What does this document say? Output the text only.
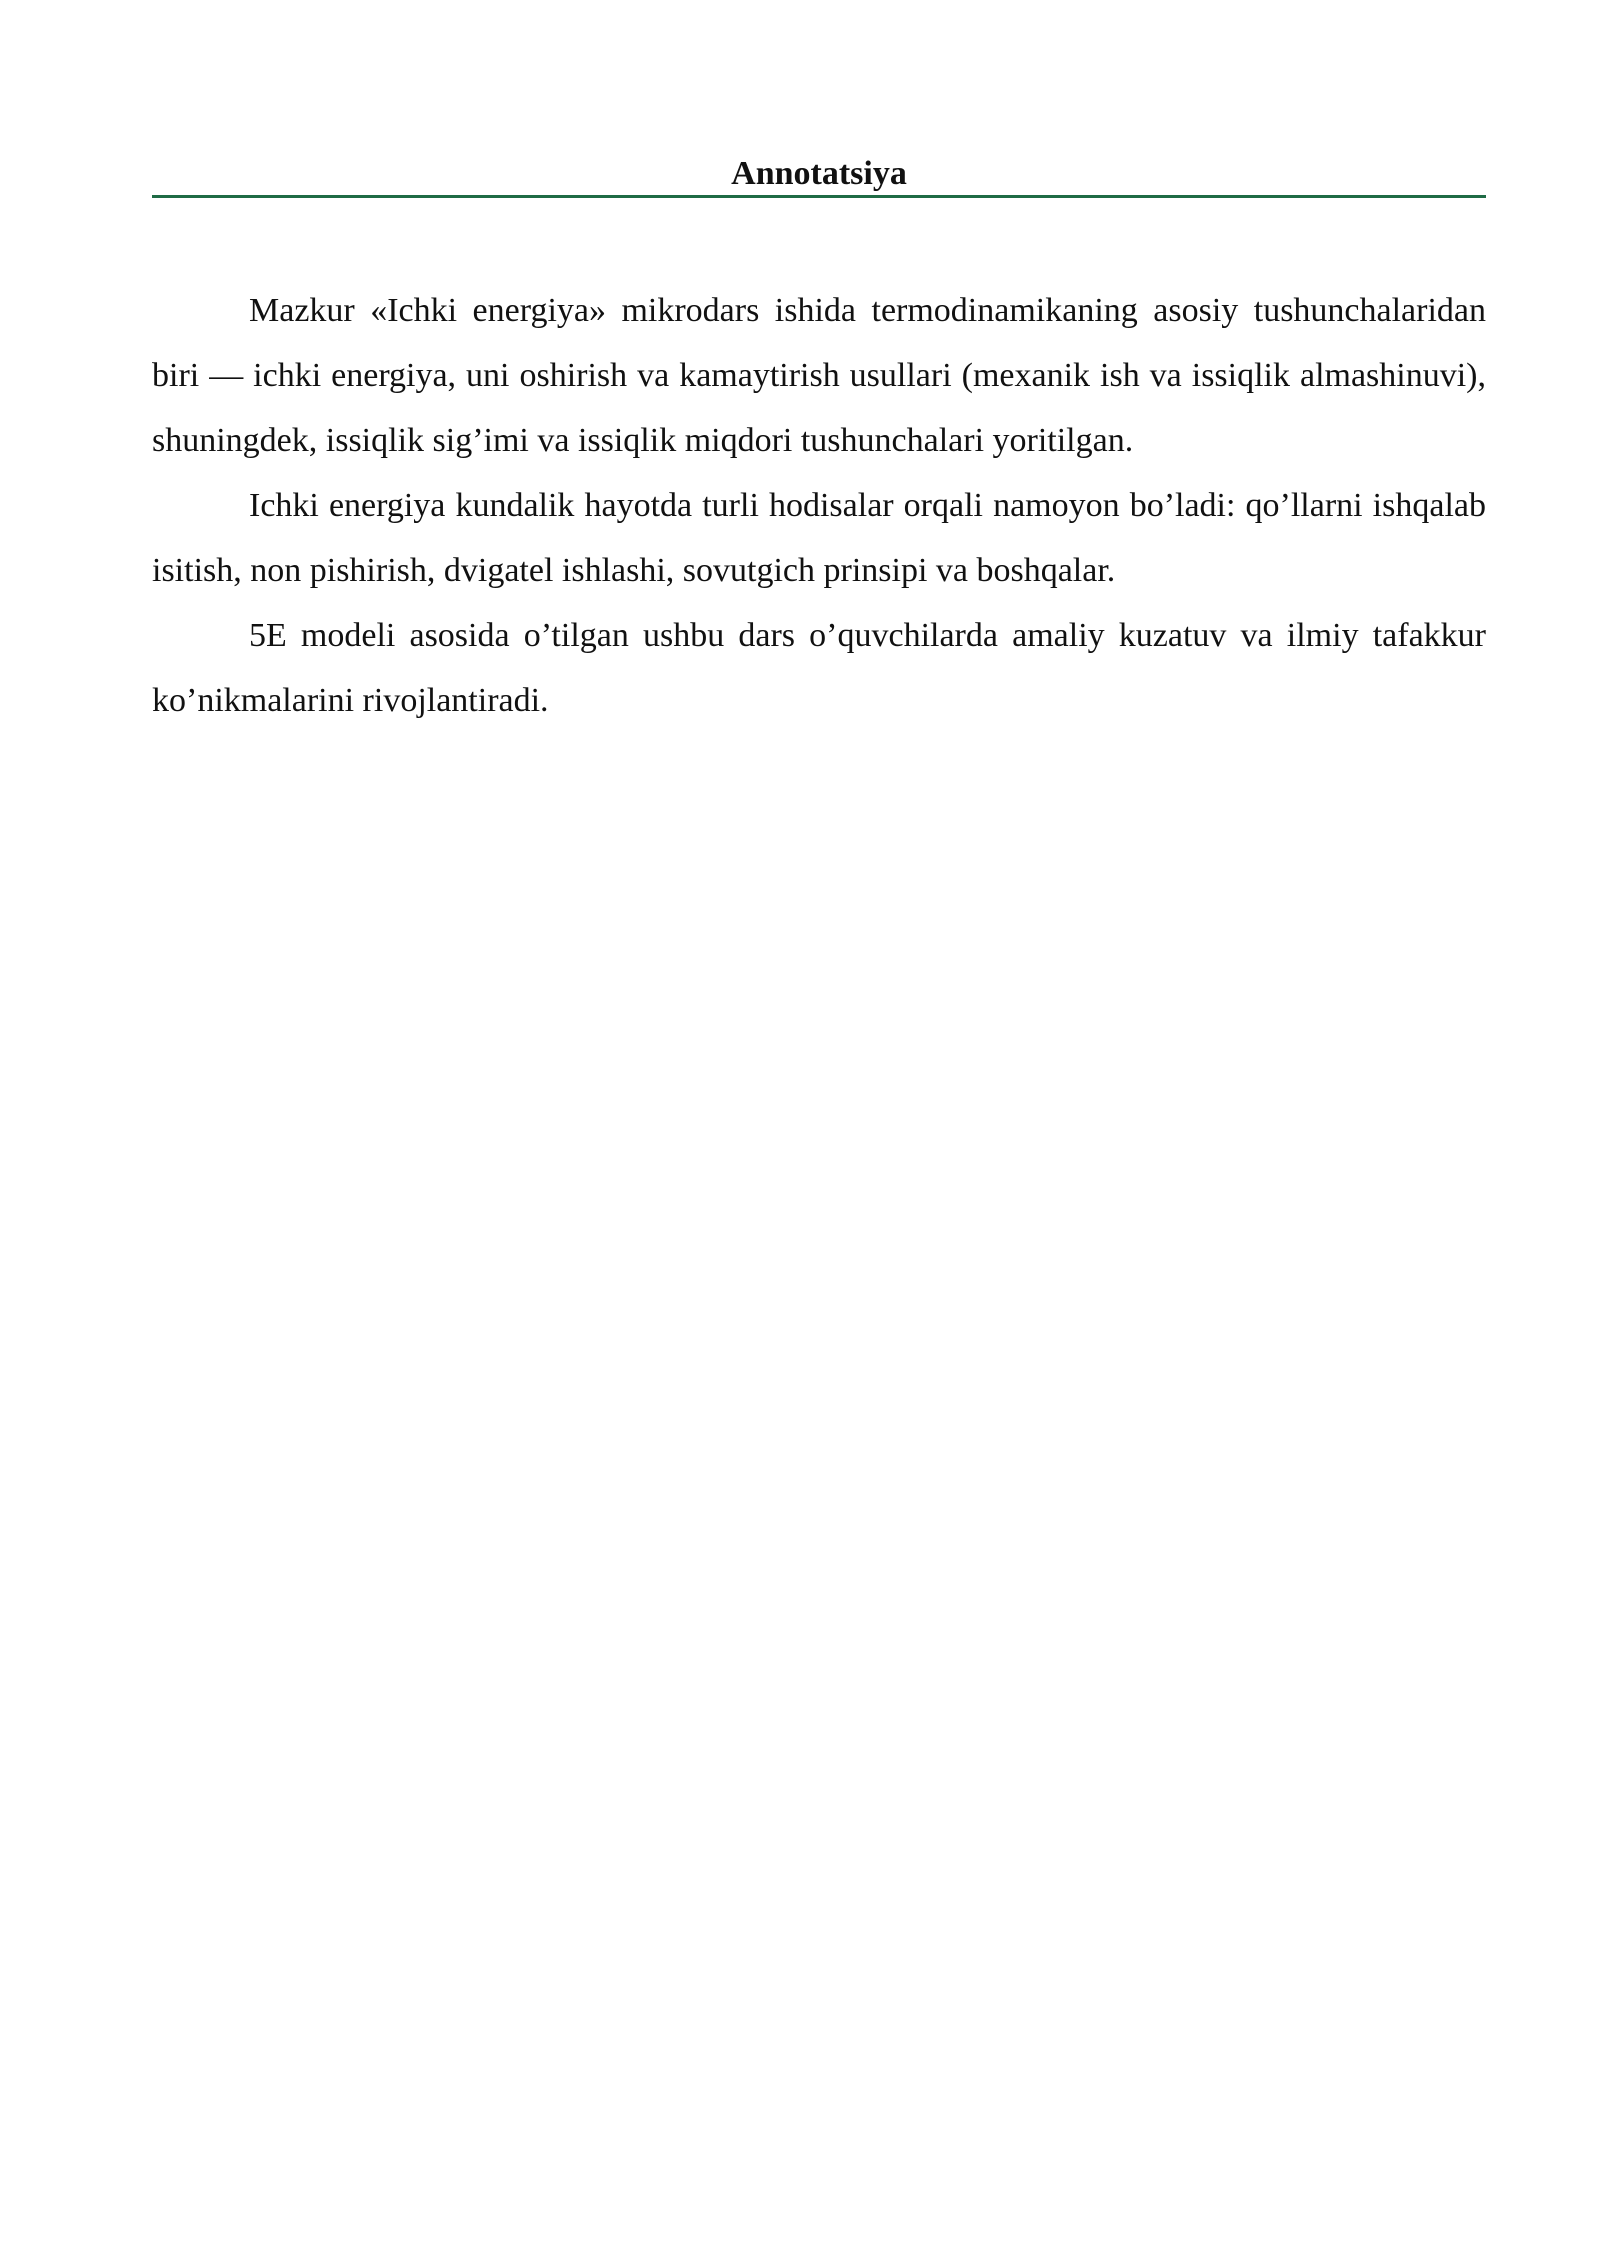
Annotatsiya

Mazkur «Ichki energiya» mikrodars ishida termodinamikaning asosiy tushunchalaridan biri — ichki energiya, uni oshirish va kamaytirish usullari (mexanik ish va issiqlik almashinuvi), shuningdek, issiqlik sig’imi va issiqlik miqdori tushunchalari yoritilgan.

Ichki energiya kundalik hayotda turli hodisalar orqali namoyon bo’ladi: qo’llarni ishqalab isitish, non pishirish, dvigatel ishlashi, sovutgich prinsipi va boshqalar.

5E modeli asosida o’tilgan ushbu dars o’quvchilarda amaliy kuzatuv va ilmiy tafakkur ko’nikmalarini rivojlantiradi.
